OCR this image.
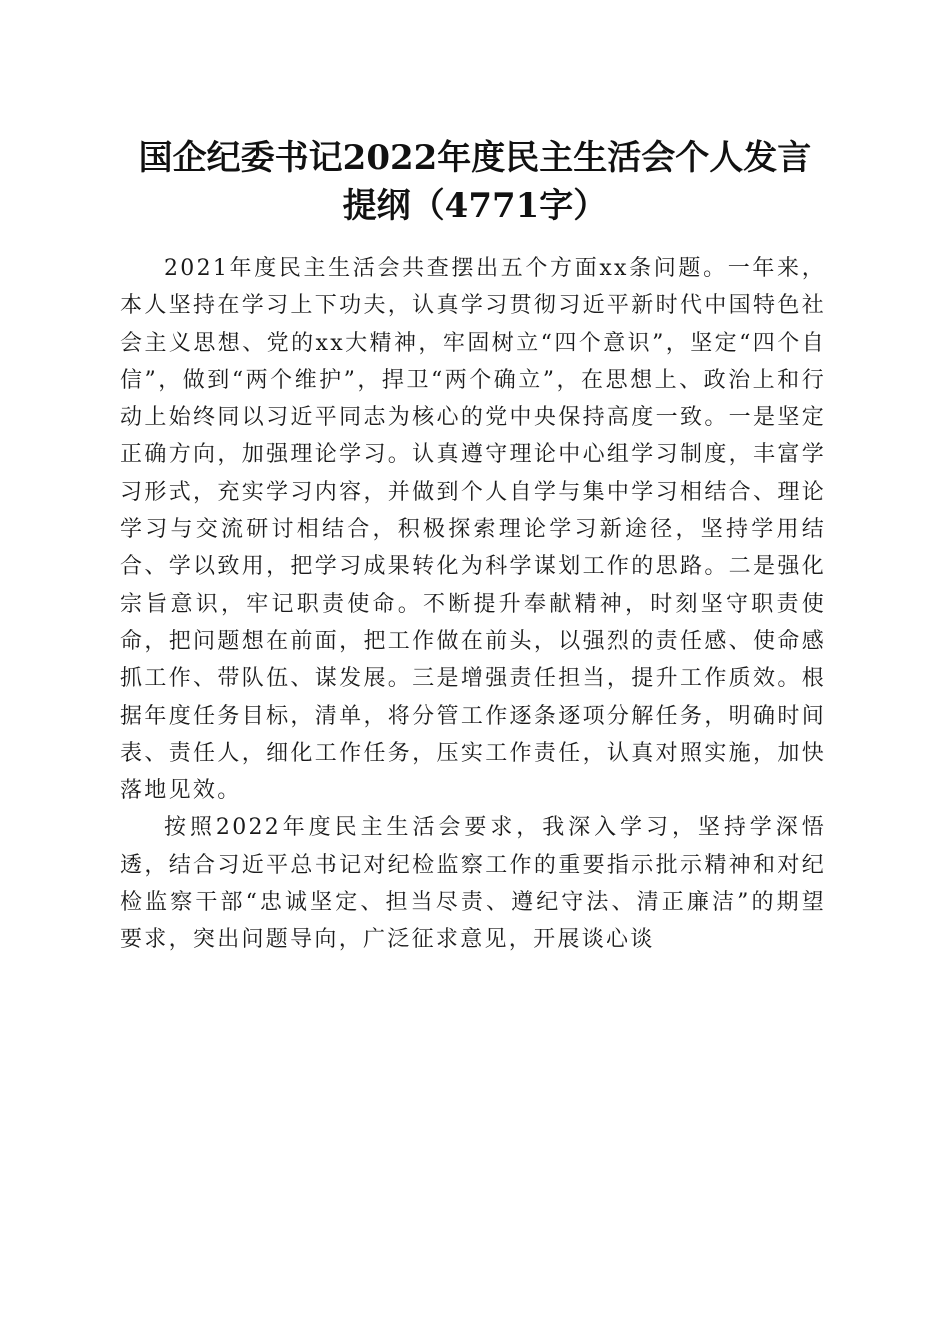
国企纪委书记2022年度民主生活会个人发言
提纲（4771字）

2021年度民主生活会共查摆出五个方面xx条问题。一年来，本人坚持在学习上下功夫，认真学习贯彻习近平新时代中国特色社会主义思想、党的xx大精神，牢固树立“四个意识”，坚定“四个自信”，做到“两个维护”，捍卫“两个确立”，在思想上、政治上和行动上始终同以习近平同志为核心的党中央保持高度一致。一是坚定正确方向，加强理论学习。认真遵守理论中心组学习制度，丰富学习形式，充实学习内容，并做到个人自学与集中学习相结合、理论学习与交流研讨相结合，积极探索理论学习新途径，坚持学用结合、学以致用，把学习成果转化为科学谋划工作的思路。二是强化宗旨意识，牢记职责使命。不断提升奉献精神，时刻坚守职责使命，把问题想在前面，把工作做在前头，以强烈的责任感、使命感抓工作、带队伍、谋发展。三是增强责任担当，提升工作质效。根据年度任务目标，清单，将分管工作逐条逐项分解任务，明确时间表、责任人，细化工作任务，压实工作责任，认真对照实施，加快落地见效。

按照2022年度民主生活会要求，我深入学习，坚持学深悟透，结合习近平总书记对纪检监察工作的重要指示批示精神和对纪检监察干部“忠诚坚定、担当尽责、遵纪守法、清正廉洁”的期望要求，突出问题导向，广泛征求意见，开展谈心谈
